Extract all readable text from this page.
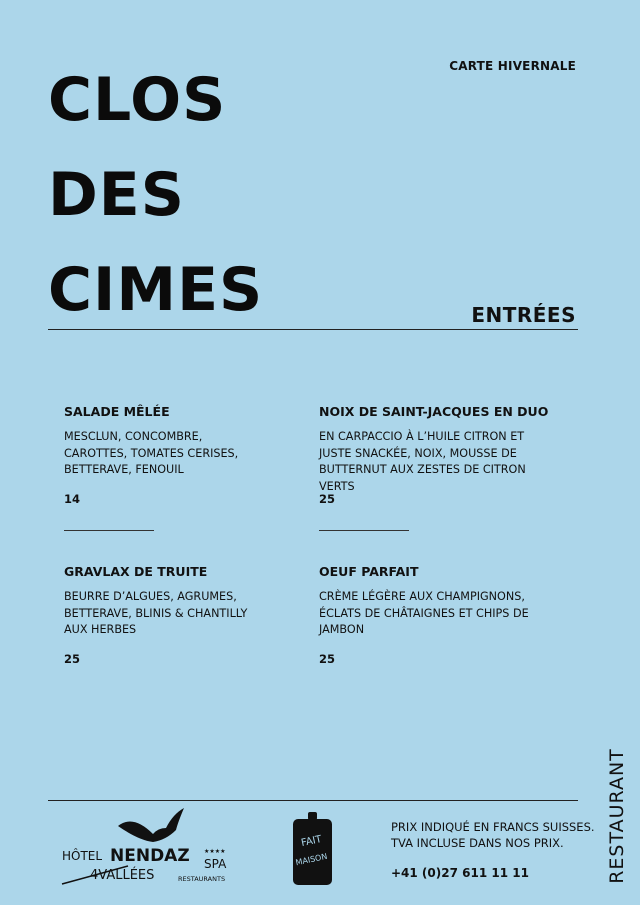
CLOS
DES
CIMES
CARTE HIVERNALE
ENTRÉES

SALADE MÊLÉE

MESCLUN, CONCOMBRE, CAROTTES, TOMATES CERISES, BETTERAVE, FENOUIL

14

NOIX DE SAINT-JACQUES EN DUO

EN CARPACCIO À L’HUILE CITRON ET JUSTE SNACKÉE, NOIX, MOUSSE DE BUTTERNUT AUX ZESTES DE CITRON VERTS

25

GRAVLAX DE TRUITE

BEURRE D’ALGUES, AGRUMES, BETTERAVE, BLINIS & CHANTILLY AUX HERBES

25

OEUF PARFAIT

CRÈME LÉGÈRE AUX CHAMPIGNONS, ÉCLATS DE CHÂTAIGNES ET CHIPS DE JAMBON

25
RESTAURANT
HÔTEL NENDAZ ★★★★
SPA
4VALLÉES	RESTAURANTS
FAIT
MAISON
PRIX INDIQUÉ EN FRANCS SUISSES.
TVA INCLUSE DANS NOS PRIX.
+41 (0)27 611 11 11
